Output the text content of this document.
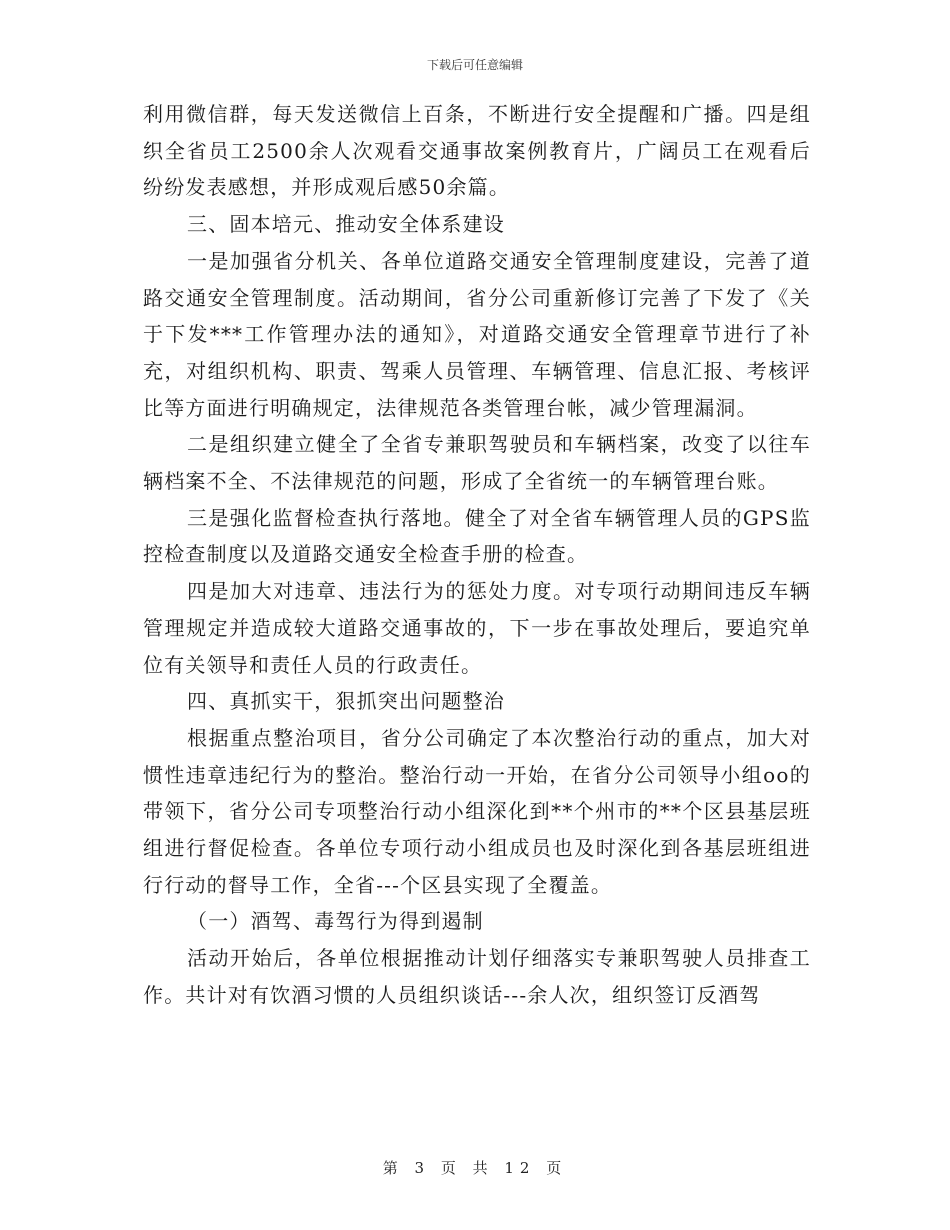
下载后可任意编辑

利用微信群，每天发送微信上百条，不断进行安全提醒和广播。四是组织全省员工2500余人次观看交通事故案例教育片，广阔员工在观看后纷纷发表感想，并形成观后感50余篇。

三、固本培元、推动安全体系建设

一是加强省分机关、各单位道路交通安全管理制度建设，完善了道路交通安全管理制度。活动期间，省分公司重新修订完善了下发了《关于下发***工作管理办法的通知》，对道路交通安全管理章节进行了补充，对组织机构、职责、驾乘人员管理、车辆管理、信息汇报、考核评比等方面进行明确规定，法律规范各类管理台帐，减少管理漏洞。

二是组织建立健全了全省专兼职驾驶员和车辆档案，改变了以往车辆档案不全、不法律规范的问题，形成了全省统一的车辆管理台账。

三是强化监督检查执行落地。健全了对全省车辆管理人员的GPS监控检查制度以及道路交通安全检查手册的检查。

四是加大对违章、违法行为的惩处力度。对专项行动期间违反车辆管理规定并造成较大道路交通事故的，下一步在事故处理后，要追究单位有关领导和责任人员的行政责任。

四、真抓实干，狠抓突出问题整治

根据重点整治项目，省分公司确定了本次整治行动的重点，加大对惯性违章违纪行为的整治。整治行动一开始，在省分公司领导小组oo的带领下，省分公司专项整治行动小组深化到**个州市的**个区县基层班组进行督促检查。各单位专项行动小组成员也及时深化到各基层班组进行行动的督导工作，全省---个区县实现了全覆盖。

（一）酒驾、毒驾行为得到遏制

活动开始后，各单位根据推动计划仔细落实专兼职驾驶人员排查工作。共计对有饮酒习惯的人员组织谈话---余人次，组织签订反酒驾

第 3 页 共 12 页
